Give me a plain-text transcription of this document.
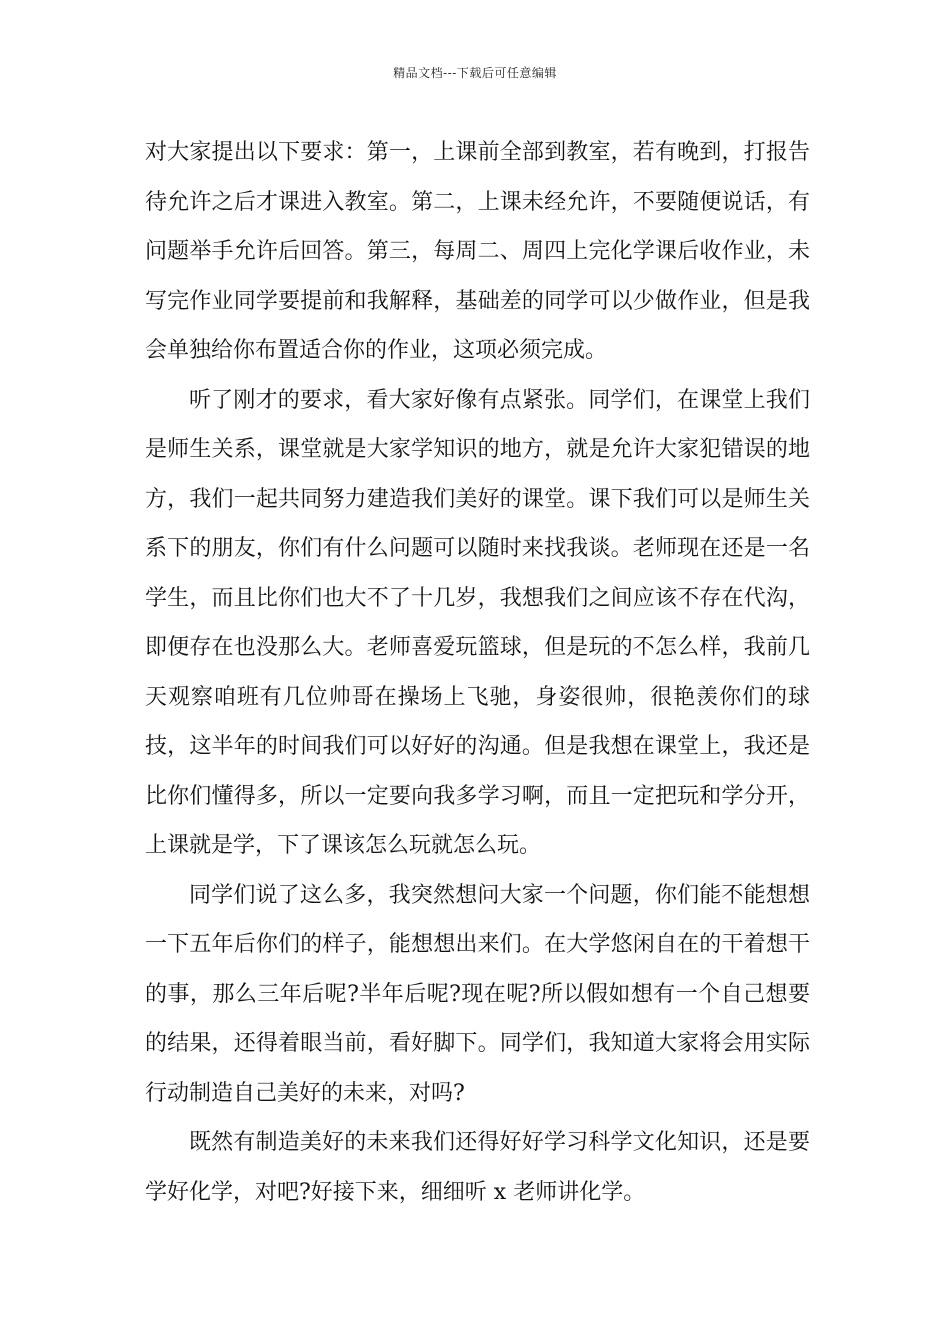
精品文档---下载后可任意编辑

对大家提出以下要求：第一，上课前全部到教室，若有晚到，打报告待允许之后才课进入教室。第二，上课未经允许，不要随便说话，有问题举手允许后回答。第三，每周二、周四上完化学课后收作业，未写完作业同学要提前和我解释，基础差的同学可以少做作业，但是我会单独给你布置适合你的作业，这项必须完成。

听了刚才的要求，看大家好像有点紧张。同学们，在课堂上我们是师生关系，课堂就是大家学知识的地方，就是允许大家犯错误的地方，我们一起共同努力建造我们美好的课堂。课下我们可以是师生关系下的朋友，你们有什么问题可以随时来找我谈。老师现在还是一名学生，而且比你们也大不了十几岁，我想我们之间应该不存在代沟，即便存在也没那么大。老师喜爱玩篮球，但是玩的不怎么样，我前几天观察咱班有几位帅哥在操场上飞驰，身姿很帅，很艳羡你们的球技，这半年的时间我们可以好好的沟通。但是我想在课堂上，我还是比你们懂得多，所以一定要向我多学习啊，而且一定把玩和学分开，上课就是学，下了课该怎么玩就怎么玩。

同学们说了这么多，我突然想问大家一个问题，你们能不能想想一下五年后你们的样子，能想想出来们。在大学悠闲自在的干着想干的事，那么三年后呢?半年后呢?现在呢?所以假如想有一个自己想要的结果，还得着眼当前，看好脚下。同学们，我知道大家将会用实际行动制造自己美好的未来，对吗?

既然有制造美好的未来我们还得好好学习科学文化知识，还是要学好化学，对吧?好接下来，细细听 x 老师讲化学。
